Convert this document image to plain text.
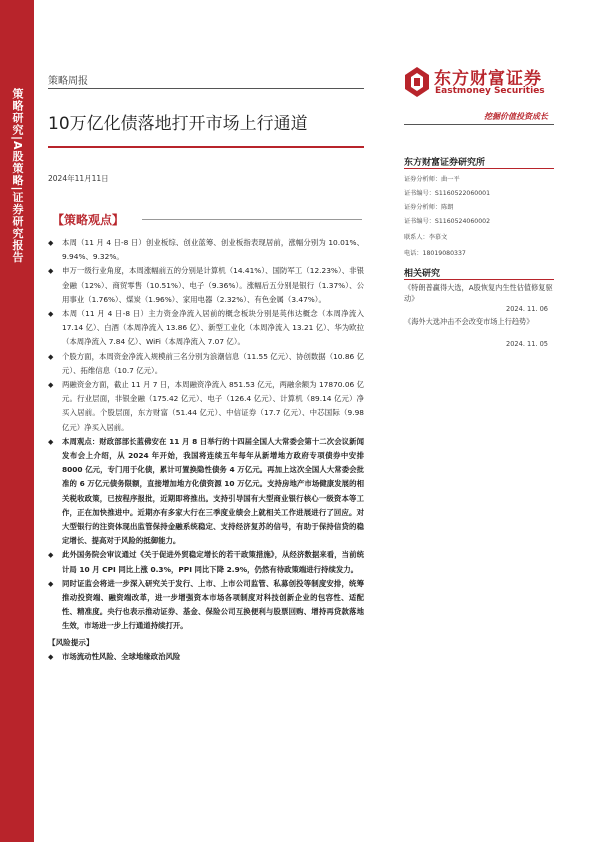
策略研究|A股策略|证券研究报告
策略周报	东方财富证券
Eastmoney Securities
挖掘价值投资成长
10万亿化债落地打开市场上行通道
2024年11月11日
【策略观点】
◆ 本周（11 月 4 日-8 日）创业板综、创业蓝筹、创业板指表现居前，涨幅分别为 10.01%、9.94%、9.32%。
◆ 申万一级行业角度，本周涨幅前五的分别是计算机（14.41%）、国防军工（12.23%）、非银金融（12%）、商贸零售（10.51%）、电子（9.36%）。涨幅后五分别是银行（1.37%）、公用事业（1.76%）、煤炭（1.96%）、家用电器（2.32%）、有色金属（3.47%）。
◆ 本周（11 月 4 日-8 日）主力资金净流入居前的概念板块分别是英伟达概念（本周净流入 17.14 亿）、白酒（本周净流入 13.86 亿）、新型工业化（本周净流入 13.21 亿）、华为欧拉（本周净流入 7.84 亿）、WiFi（本周净流入 7.07 亿）。
◆ 个股方面，本周资金净流入规模前三名分别为浪潮信息（11.55 亿元）、协创数据（10.86 亿元）、拓维信息（10.7 亿元）。
◆ 两融资金方面，截止 11 月 7 日，本周融资净流入 851.53 亿元，两融余额为 17870.06 亿元。行业层面，非银金融（175.42 亿元）、电子（126.4 亿元）、计算机（89.14 亿元）净买入居前。个股层面，东方财富（51.44 亿元）、中信证券（17.7 亿元）、中芯国际（9.98 亿元）净买入居前。
◆ 本周观点：财政部部长蓝佛安在 11 月 8 日举行的十四届全国人大常委会第十二次会议新闻发布会上介绍，从 2024 年开始，我国将连续五年每年从新增地方政府专项债券中安排 8000 亿元，专门用于化债，累计可置换隐性债务 4 万亿元。再加上这次全国人大常委会批准的 6 万亿元债务限额，直接增加地方化债资源 10 万亿元。支持房地产市场健康发展的相关税收政策，已按程序报批，近期即将推出。支持引导国有大型商业银行核心一级资本等工作，正在加快推进中。近期亦有多家大行在三季度业绩会上就相关工作进展进行了回应。对大型银行的注资体现出监管保持金融系统稳定、支持经济复苏的信号，有助于保持信贷的稳定增长、提高对于风险的抵御能力。
◆ 此外国务院会审议通过《关于促进外贸稳定增长的若干政策措施》，从经济数据来看，当前统计局 10 月 CPI 同比上涨 0.3%，PPI 同比下降 2.9%，仍然有待政策端进行持续发力。
◆ 同时证监会将进一步深入研究关于发行、上市、上市公司监管、私募创投等制度安排，统筹推动投资端、融资端改革，进一步增强资本市场各项制度对科技创新企业的包容性、适配性、精准度。央行也表示推动证券、基金、保险公司互换便利与股票回购、增持再贷款落地生效，市场进一步上行通道持续打开。
【风险提示】
◆ 市场流动性风险、全球地缘政治风险
东方财富证券研究所
证券分析师：曲一平
证书编号：S1160522060001
证券分析师：陈朗
证书编号：S1160524060002
联系人：李慕文
电话：18019080337
相关研究
《特朗普赢得大选，A股恢复内生性估值修复驱动》
2024. 11. 06
《海外大选冲击不会改变市场上行趋势》
2024. 11. 05
